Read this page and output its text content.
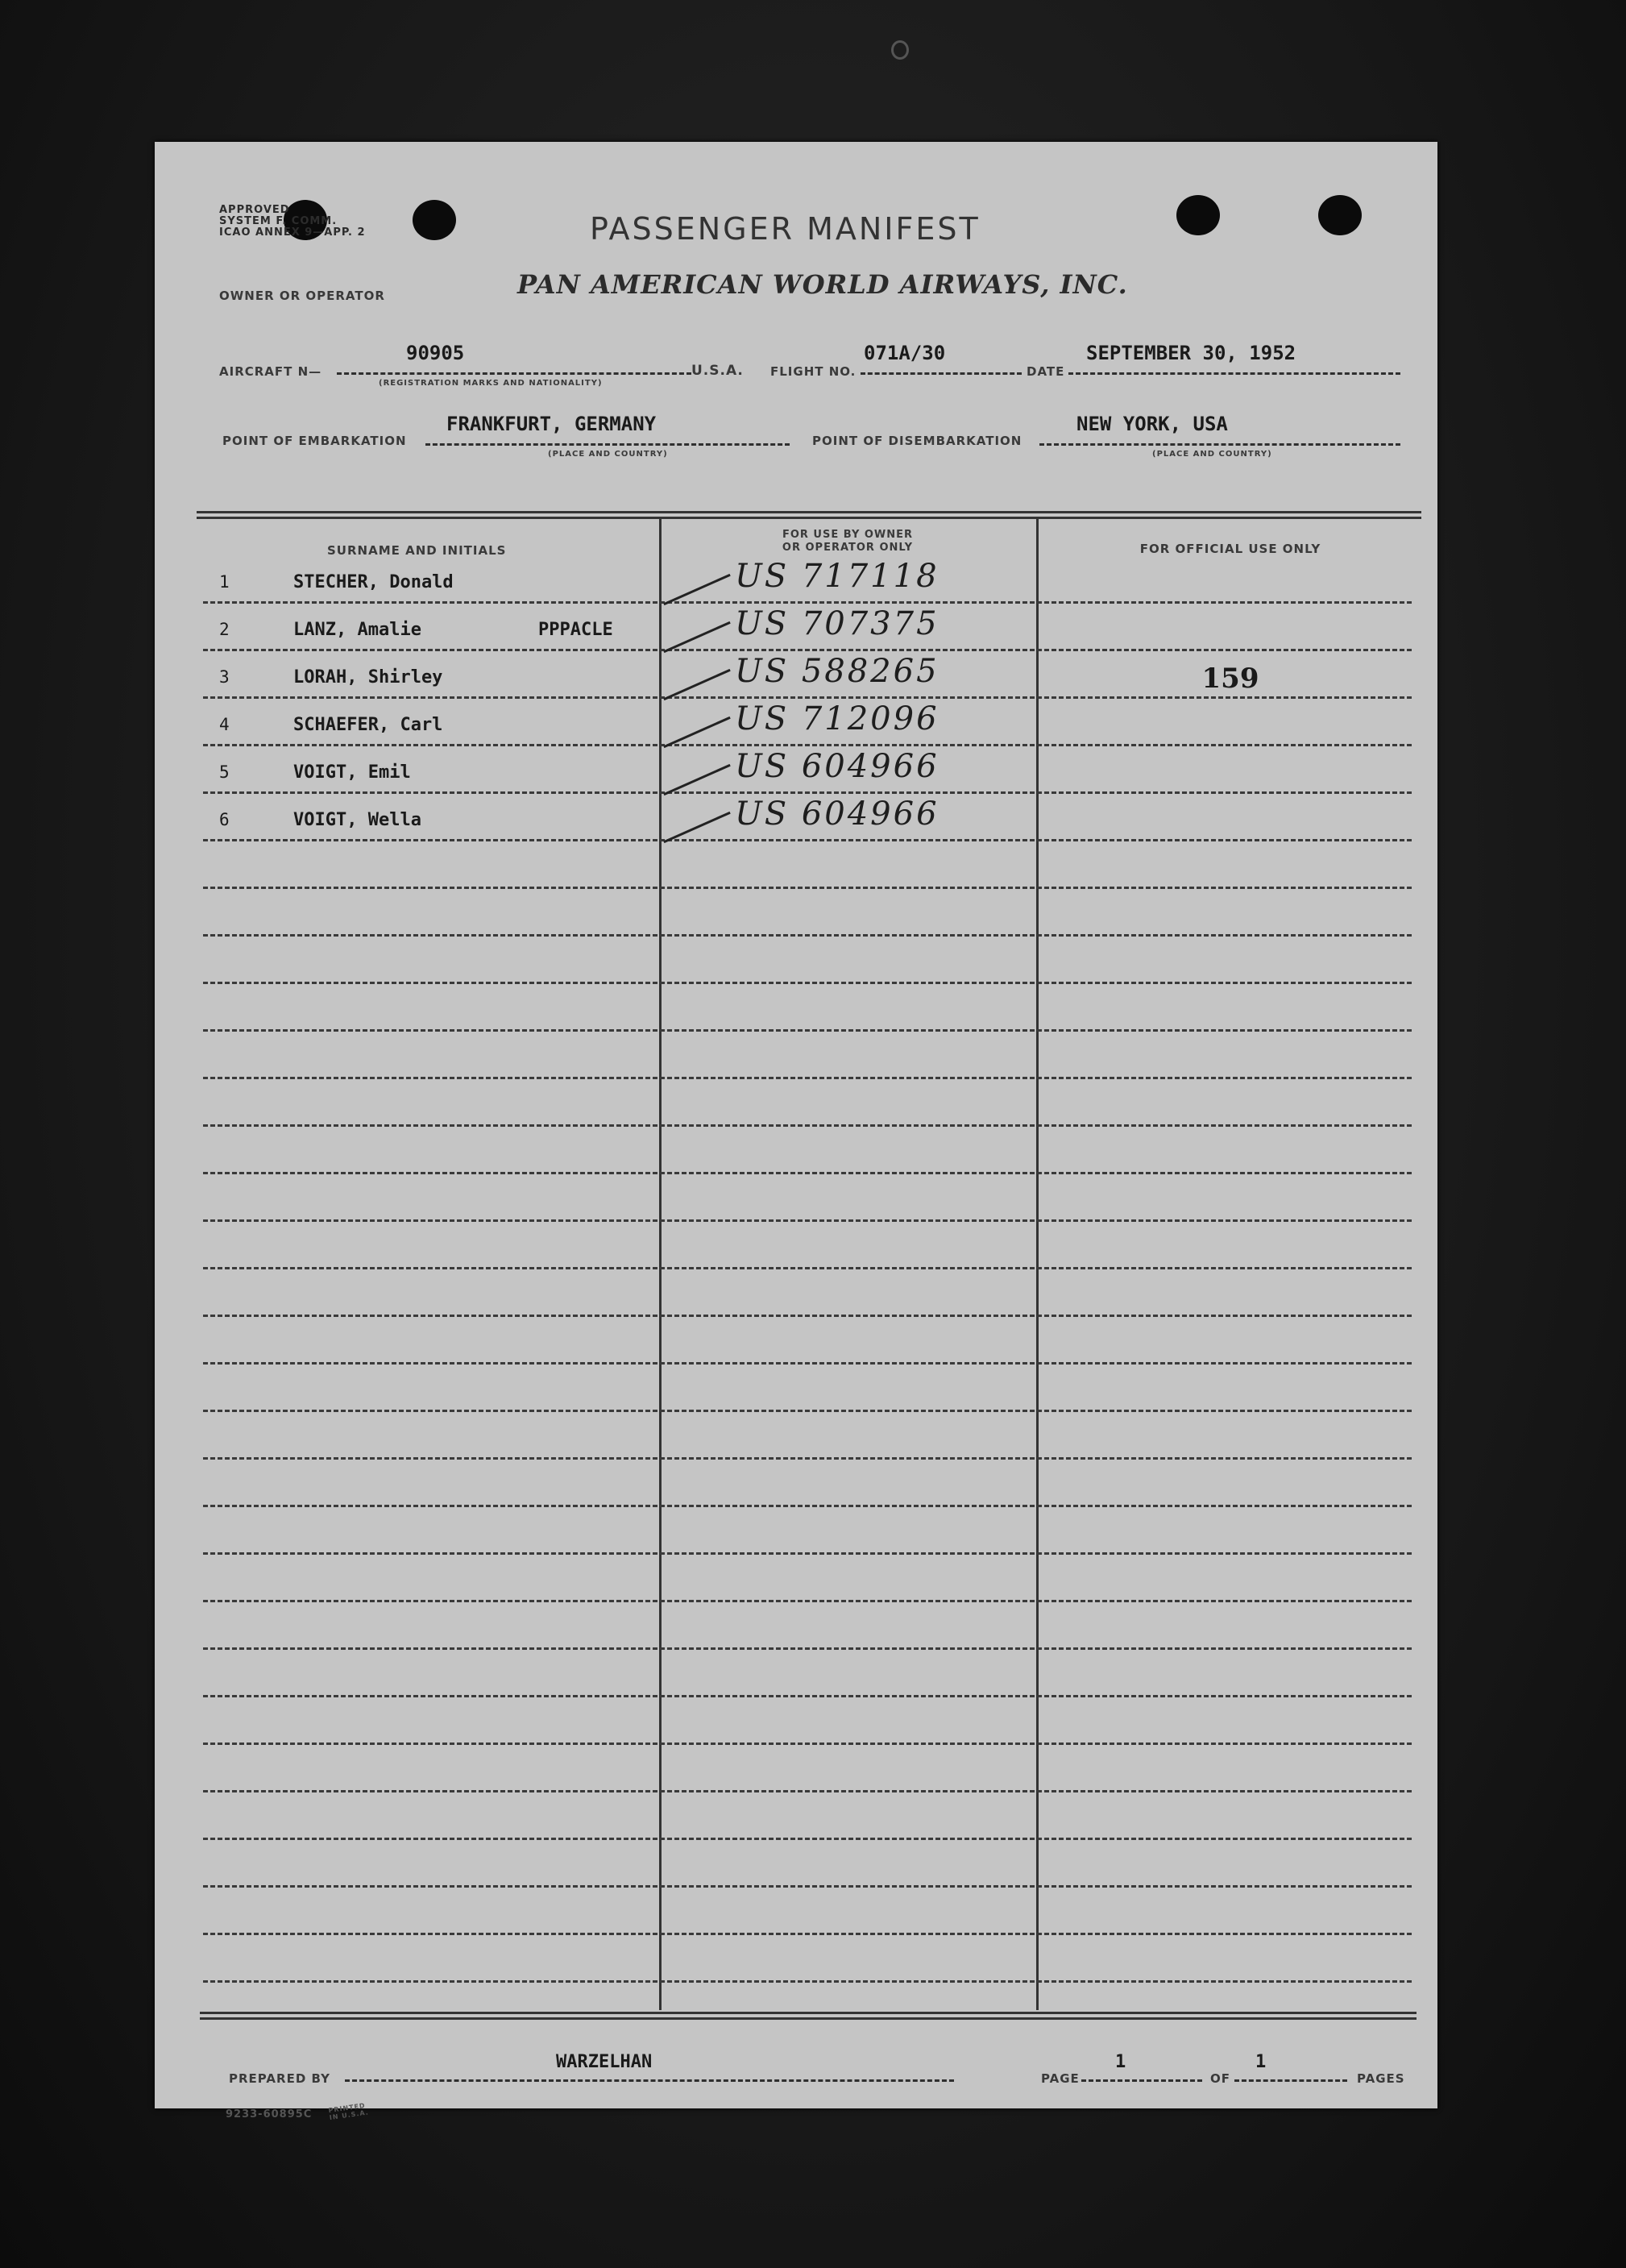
APPROVED
SYSTEM F. COMM.
ICAO ANNEX 9—APP. 2	PASSENGER MANIFEST
OWNER OR OPERATOR	PAN AMERICAN WORLD AIRWAYS, INC.
AIRCRAFT N—
90905
(REGISTRATION MARKS AND NATIONALITY)
U.S.A. FLIGHT NO.
071A/30
DATE
SEPTEMBER 30, 1952
POINT OF EMBARKATION
FRANKFURT, GERMANY
(PLACE AND COUNTRY)
POINT OF DISEMBARKATION
NEW YORK, USA
(PLACE AND COUNTRY)
SURNAME AND INITIALS
FOR USE BY OWNER
OR OPERATOR ONLY	FOR OFFICIAL USE ONLY
1	STECHER, Donald	US 717118
2	LANZ, Amalie	PPPACLE	US 707375
3	LORAH, Shirley	US 588265	159
4	SCHAEFER, Carl	US 712096
5	VOIGT, Emil	US 604966
6	VOIGT, Wella	US 604966
PREPARED BY
WARZELHAN
PAGE
1
OF
1
PAGES
9233-60895C
PRINTED IN U.S.A.
